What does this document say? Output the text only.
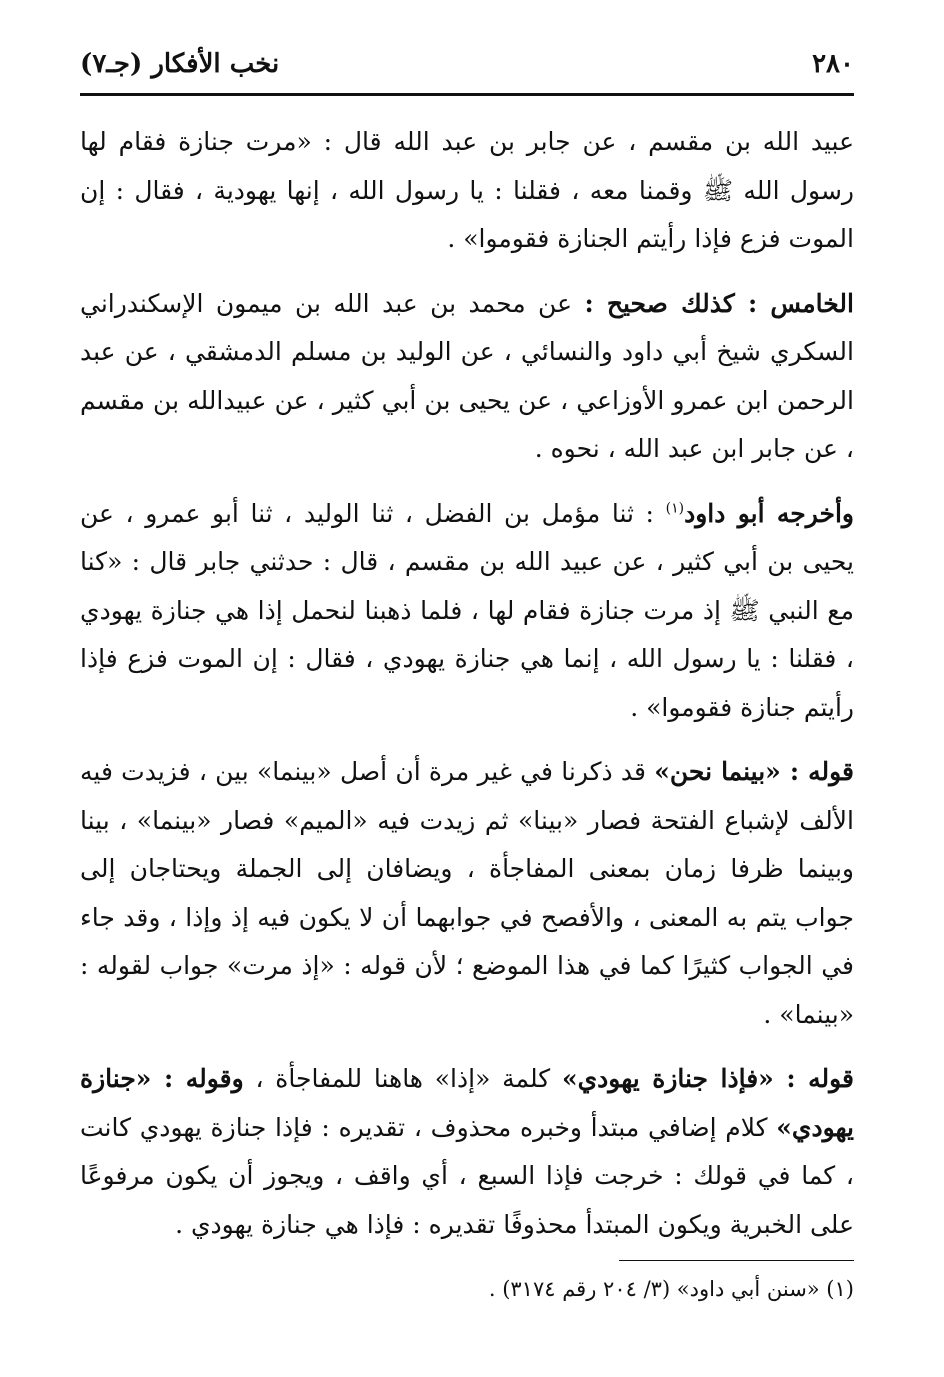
٢٨٠
نخب الأفكار (جـ٧)

عبيد الله بن مقسم ، عن جابر بن عبد الله قال : «مرت جنازة فقام لها رسول الله ﷺ وقمنا معه ، فقلنا : يا رسول الله ، إنها يهودية ، فقال : إن الموت فزع فإذا رأيتم الجنازة فقوموا» .

الخامس : كذلك صحيح : عن محمد بن عبد الله بن ميمون الإسكندراني السكري شيخ أبي داود والنسائي ، عن الوليد بن مسلم الدمشقي ، عن عبد الرحمن ابن عمرو الأوزاعي ، عن يحيى بن أبي كثير ، عن عبيدالله بن مقسم ، عن جابر ابن عبد الله ، نحوه .

وأخرجه أبو داود$^{(١)}$ : ثنا مؤمل بن الفضل ، ثنا الوليد ، ثنا أبو عمرو ، عن يحيى بن أبي كثير ، عن عبيد الله بن مقسم ، قال : حدثني جابر قال : «كنا مع النبي ﷺ إذ مرت جنازة فقام لها ، فلما ذهبنا لنحمل إذا هي جنازة يهودي ، فقلنا : يا رسول الله ، إنما هي جنازة يهودي ، فقال : إن الموت فزع فإذا رأيتم جنازة فقوموا» .

قوله : «بينما نحن» قد ذكرنا في غير مرة أن أصل «بينما» بين ، فزيدت فيه الألف لإشباع الفتحة فصار «بينا» ثم زيدت فيه «الميم» فصار «بينما» ، بينا وبينما ظرفا زمان بمعنى المفاجأة ، ويضافان إلى الجملة ويحتاجان إلى جواب يتم به المعنى ، والأفصح في جوابهما أن لا يكون فيه إذ وإذا ، وقد جاء في الجواب كثيرًا كما في هذا الموضع ؛ لأن قوله : «إذ مرت» جواب لقوله : «بينما» .

قوله : «فإذا جنازة يهودي» كلمة «إذا» هاهنا للمفاجأة ، وقوله : «جنازة يهودي» كلام إضافي مبتدأ وخبره محذوف ، تقديره : فإذا جنازة يهودي كانت ، كما في قولك : خرجت فإذا السبع ، أي واقف ، ويجوز أن يكون مرفوعًا على الخبرية ويكون المبتدأ محذوفًا تقديره : فإذا هي جنازة يهودي .

(١) «سنن أبي داود» (٣/ ٢٠٤ رقم ٣١٧٤) .
